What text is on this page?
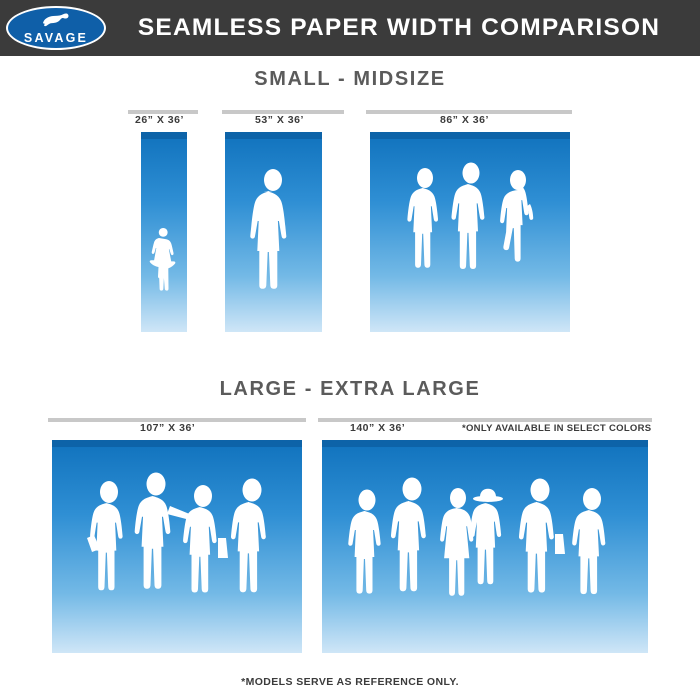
SAVAGE	SEAMLESS PAPER WIDTH COMPARISON
SMALL - MIDSIZE
26” X 36’	53” X 36’	86” X 36’
LARGE - EXTRA LARGE
107” X 36’	140” X 36’	*ONLY AVAILABLE IN SELECT COLORS
*MODELS SERVE AS REFERENCE ONLY.
